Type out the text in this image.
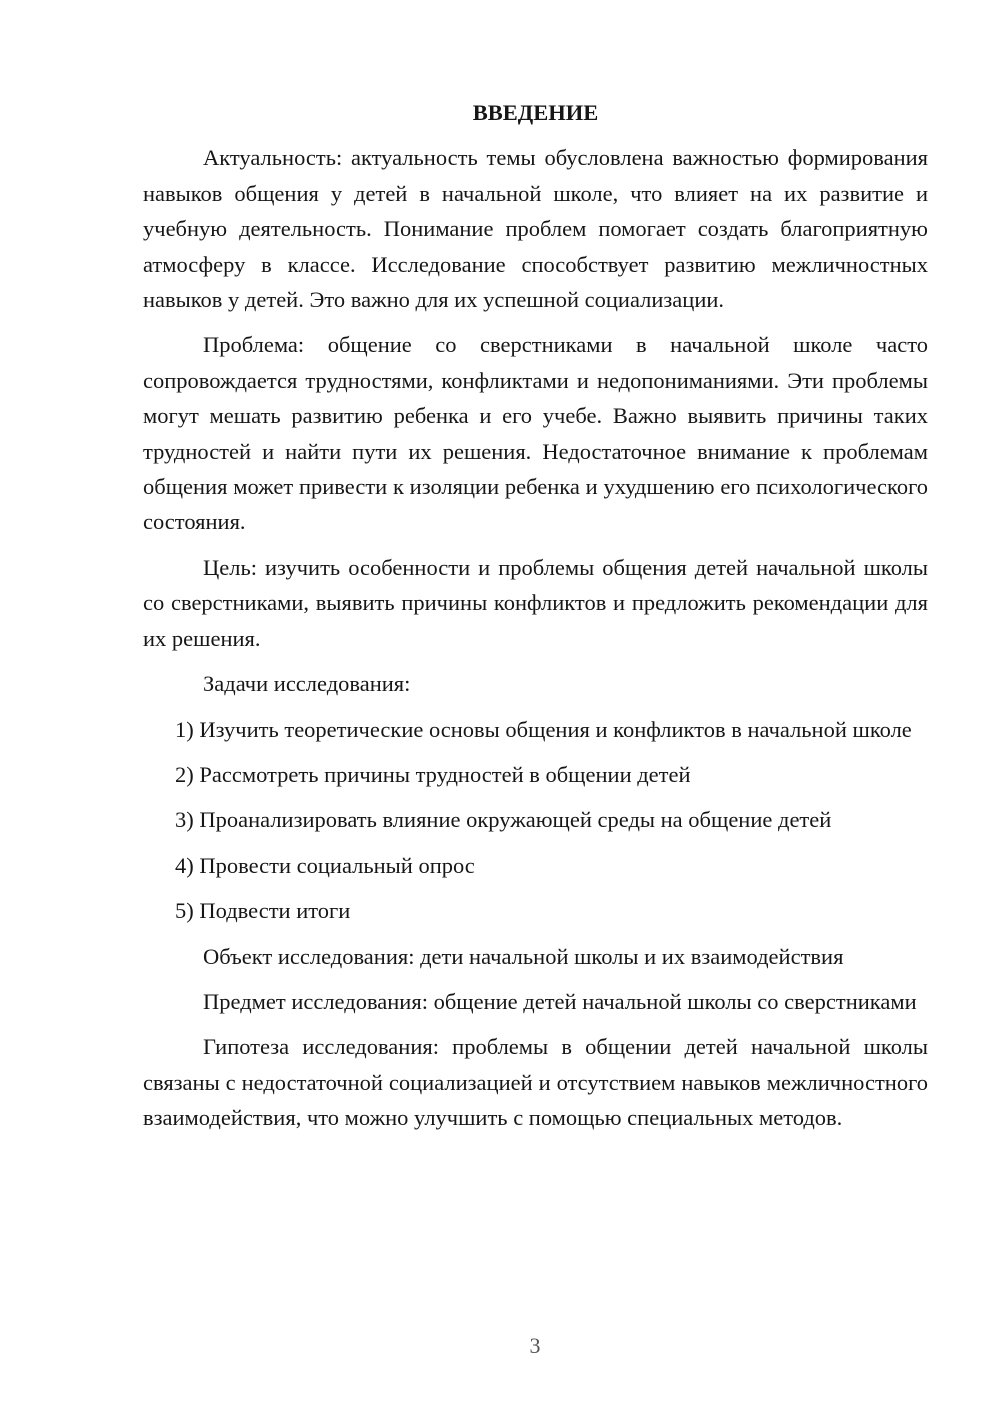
ВВЕДЕНИЕ

Актуальность: актуальность темы обусловлена важностью формирования навыков общения у детей в начальной школе, что влияет на их развитие и учебную деятельность. Понимание проблем помогает создать благоприятную атмосферу в классе. Исследование способствует развитию межличностных навыков у детей. Это важно для их успешной социализации.

Проблема: общение со сверстниками в начальной школе часто сопровождается трудностями, конфликтами и недопониманиями. Эти проблемы могут мешать развитию ребенка и его учебе. Важно выявить причины таких трудностей и найти пути их решения. Недостаточное внимание к проблемам общения может привести к изоляции ребенка и ухудшению его психологического состояния.

Цель: изучить особенности и проблемы общения детей начальной школы со сверстниками, выявить причины конфликтов и предложить рекомендации для их решения.

Задачи исследования:

1) Изучить теоретические основы общения и конфликтов в начальной школе

2) Рассмотреть причины трудностей в общении детей

3) Проанализировать влияние окружающей среды на общение детей

4) Провести социальный опрос

5) Подвести итоги

Объект исследования: дети начальной школы и их взаимодействия

Предмет исследования: общение детей начальной школы со сверстниками

Гипотеза исследования: проблемы в общении детей начальной школы связаны с недостаточной социализацией и отсутствием навыков межличностного взаимодействия, что можно улучшить с помощью специальных методов.

3
